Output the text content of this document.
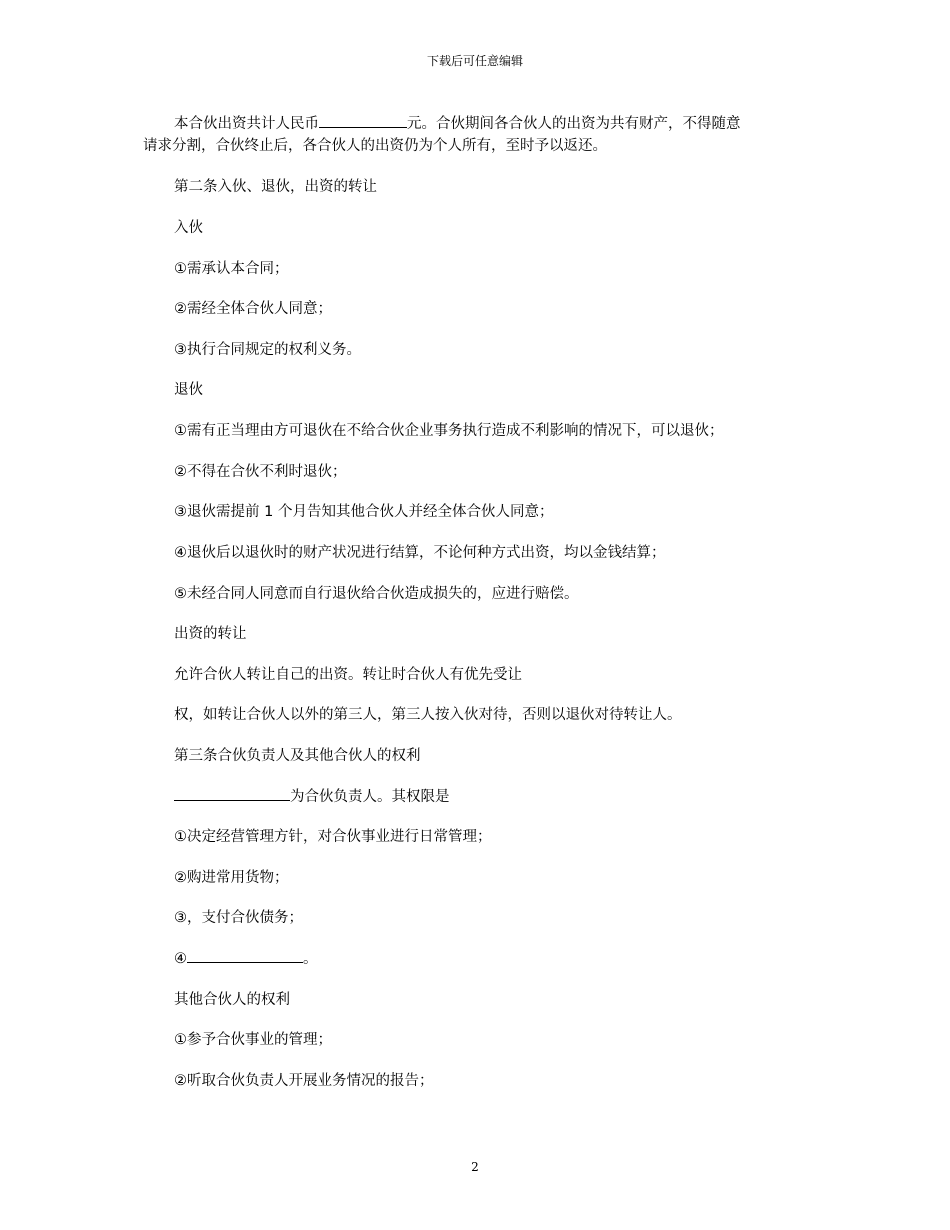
下载后可任意编辑
本合伙出资共计人民币	元。合伙期间各合伙人的出资为共有财产，不得随意
请求分割，合伙终止后，各合伙人的出资仍为个人所有，至时予以返还。
第二条入伙、退伙，出资的转让
入伙
①需承认本合同；
②需经全体合伙人同意；
③执行合同规定的权利义务。
退伙
①需有正当理由方可退伙在不给合伙企业事务执行造成不利影响的情况下，可以退伙；
②不得在合伙不利时退伙；
③退伙需提前 1 个月告知其他合伙人并经全体合伙人同意；
④退伙后以退伙时的财产状况进行结算，不论何种方式出资，均以金钱结算；
⑤未经合同人同意而自行退伙给合伙造成损失的，应进行赔偿。
出资的转让
允许合伙人转让自己的出资。转让时合伙人有优先受让
权，如转让合伙人以外的第三人，第三人按入伙对待，否则以退伙对待转让人。
第三条合伙负责人及其他合伙人的权利
为合伙负责人。其权限是
①决定经营管理方针，对合伙事业进行日常管理；
②购进常用货物；
③，支付合伙债务；
④	。
其他合伙人的权利
①参予合伙事业的管理；
②听取合伙负责人开展业务情况的报告；
2
